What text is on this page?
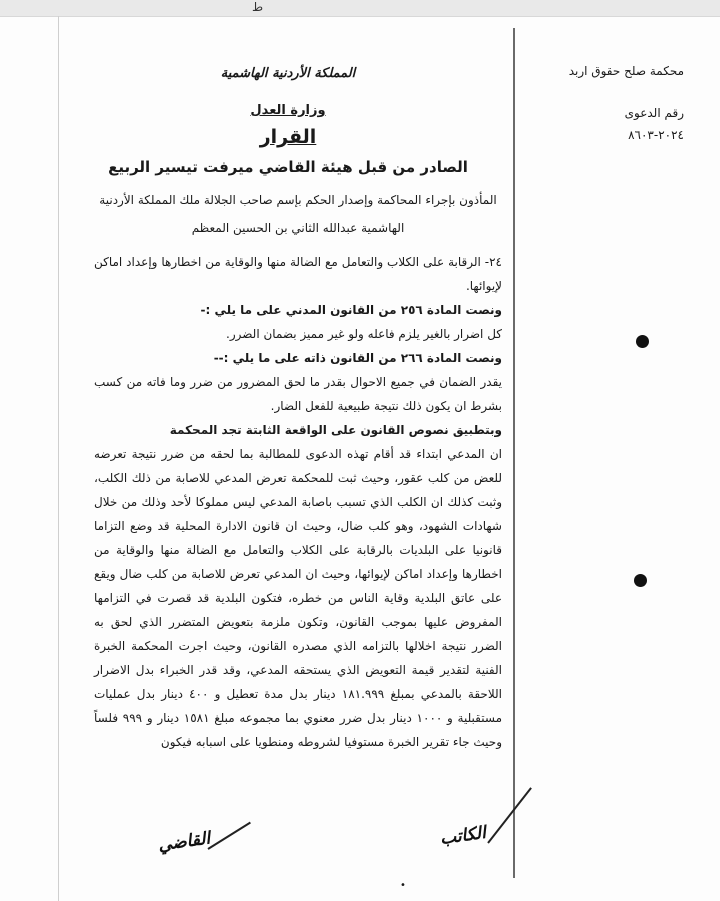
ط

محكمة صلح حقوق اربد

رقم الدعوى

٢٠٢٤-٨٦٠٣

المملكة الأردنية الهاشمية

وزارة العدل

القرار

الصادر من قبل هيئة القاضي ميرفت تيسير الربيع

المأذون بإجراء المحاكمة وإصدار الحكم بإسم صاحب الجلالة ملك المملكة الأردنية الهاشمية عبدالله الثاني بن الحسين المعظم

٢٤- الرقابة على الكلاب والتعامل مع الضالة منها والوقاية من اخطارها وإعداد اماكن لإيوائها.

ونصت المادة ٢٥٦ من القانون المدني على ما يلي :-

كل اضرار بالغير يلزم فاعله ولو غير مميز بضمان الضرر.

ونصت المادة ٢٦٦ من القانون ذاته على ما يلي :--

يقدر الضمان في جميع الاحوال بقدر ما لحق المضرور من ضرر وما فاته من كسب بشرط ان يكون ذلك نتيجة طبيعية للفعل الضار.

وبتطبيق نصوص القانون على الواقعة الثابتة تجد المحكمة

ان المدعي ابتداء قد أقام تهذه الدعوى للمطالبة بما لحقه من ضرر نتيجة تعرضه للعض من كلب عقور، وحيث ثبت للمحكمة تعرض المدعي للاصابة من ذلك الكلب، وثبت كذلك ان الكلب الذي تسبب باصابة المدعي ليس مملوكا لأحد وذلك من خلال شهادات الشهود، وهو كلب ضال، وحيث ان قانون الادارة المحلية قد وضع التزاما قانونيا على البلديات بالرقابة على الكلاب والتعامل مع الضالة منها والوقاية من اخطارها وإعداد اماكن لإيوائها، وحيث ان المدعي تعرض للاصابة من كلب ضال ويقع على عاتق البلدية وقاية الناس من خطره، فتكون البلدية قد قصرت في التزامها المفروض عليها بموجب القانون، وتكون ملزمة بتعويض المتضرر الذي لحق به الضرر نتيجة اخلالها بالتزامه الذي مصدره القانون، وحيث اجرت المحكمة الخبرة الفنية لتقدير قيمة التعويض الذي يستحقه المدعي، وقد قدر الخبراء بدل الاضرار اللاحقة بالمدعي بمبلغ ١٨١.٩٩٩ دينار بدل مدة تعطيل و ٤٠٠ دينار بدل عمليات مستقبلية و ١٠٠٠ دينار بدل ضرر معنوي بما مجموعه مبلغ ١٥٨١ دينار و ٩٩٩ فلساً وحيث جاء تقرير الخبرة مستوفيا لشروطه ومنطويا على اسبابه فيكون

القاضي	الكاتب
•
